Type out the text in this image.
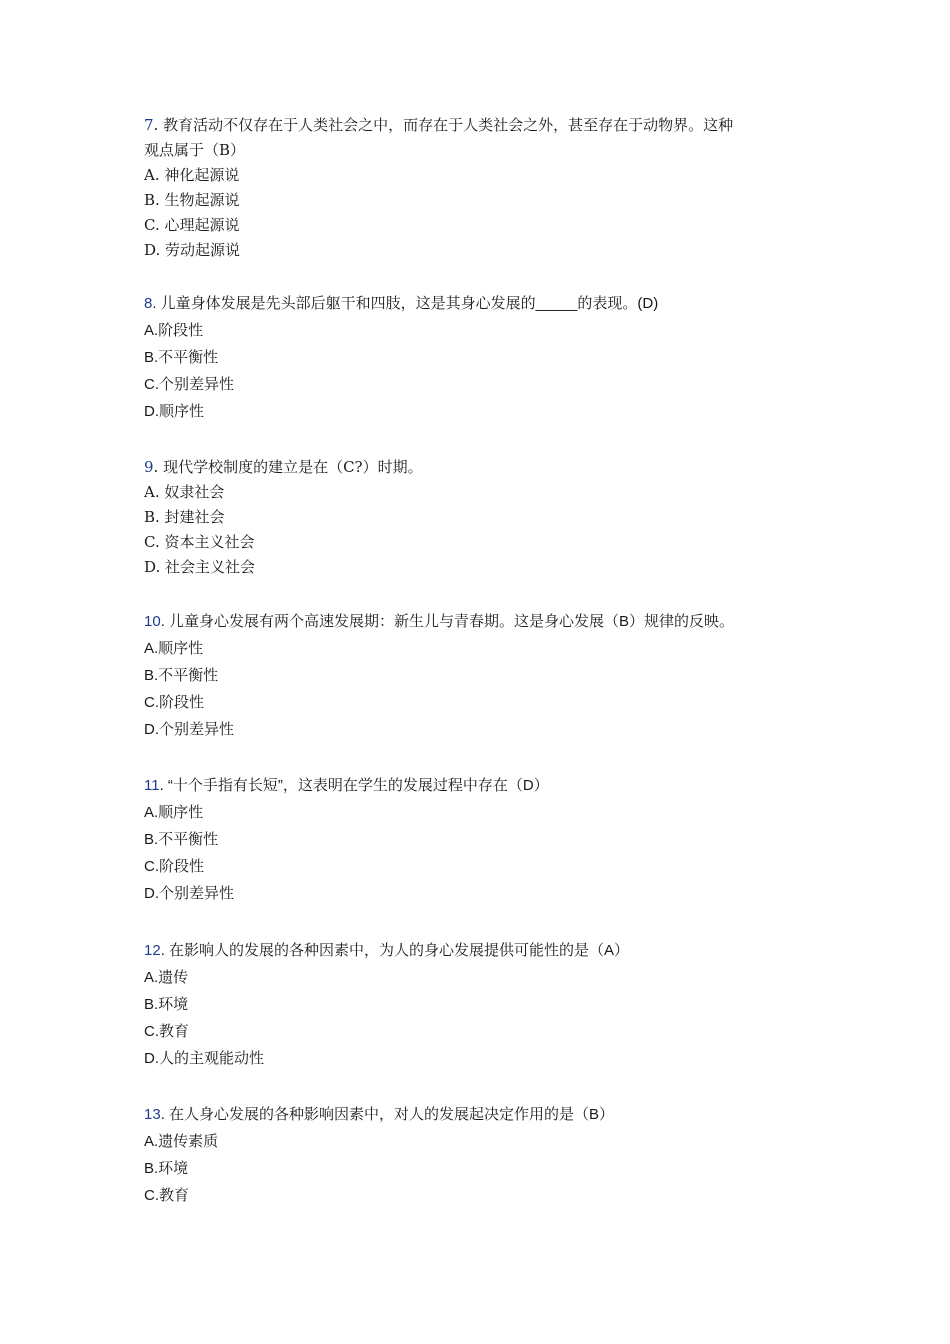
7. 教育活动不仅存在于人类社会之中，而存在于人类社会之外，甚至存在于动物界。这种
观点属于（B）
A. 神化起源说
B. 生物起源说
C. 心理起源说
D. 劳动起源说
8. 儿童身体发展是先头部后躯干和四肢，这是其身心发展的_____的表现。(D)
A.阶段性
B.不平衡性
C.个别差异性
D.顺序性
9. 现代学校制度的建立是在（C?）时期。
A. 奴隶社会
B. 封建社会
C. 资本主义社会
D. 社会主义社会
10. 儿童身心发展有两个高速发展期：新生儿与青春期。这是身心发展（B）规律的反映。
A.顺序性
B.不平衡性
C.阶段性
D.个别差异性
11. “十个手指有长短”，这表明在学生的发展过程中存在（D）
A.顺序性
B.不平衡性
C.阶段性
D.个别差异性
12. 在影响人的发展的各种因素中，为人的身心发展提供可能性的是（A）
A.遗传
B.环境
C.教育
D.人的主观能动性
13. 在人身心发展的各种影响因素中，对人的发展起决定作用的是（B）
A.遗传素质
B.环境
C.教育
